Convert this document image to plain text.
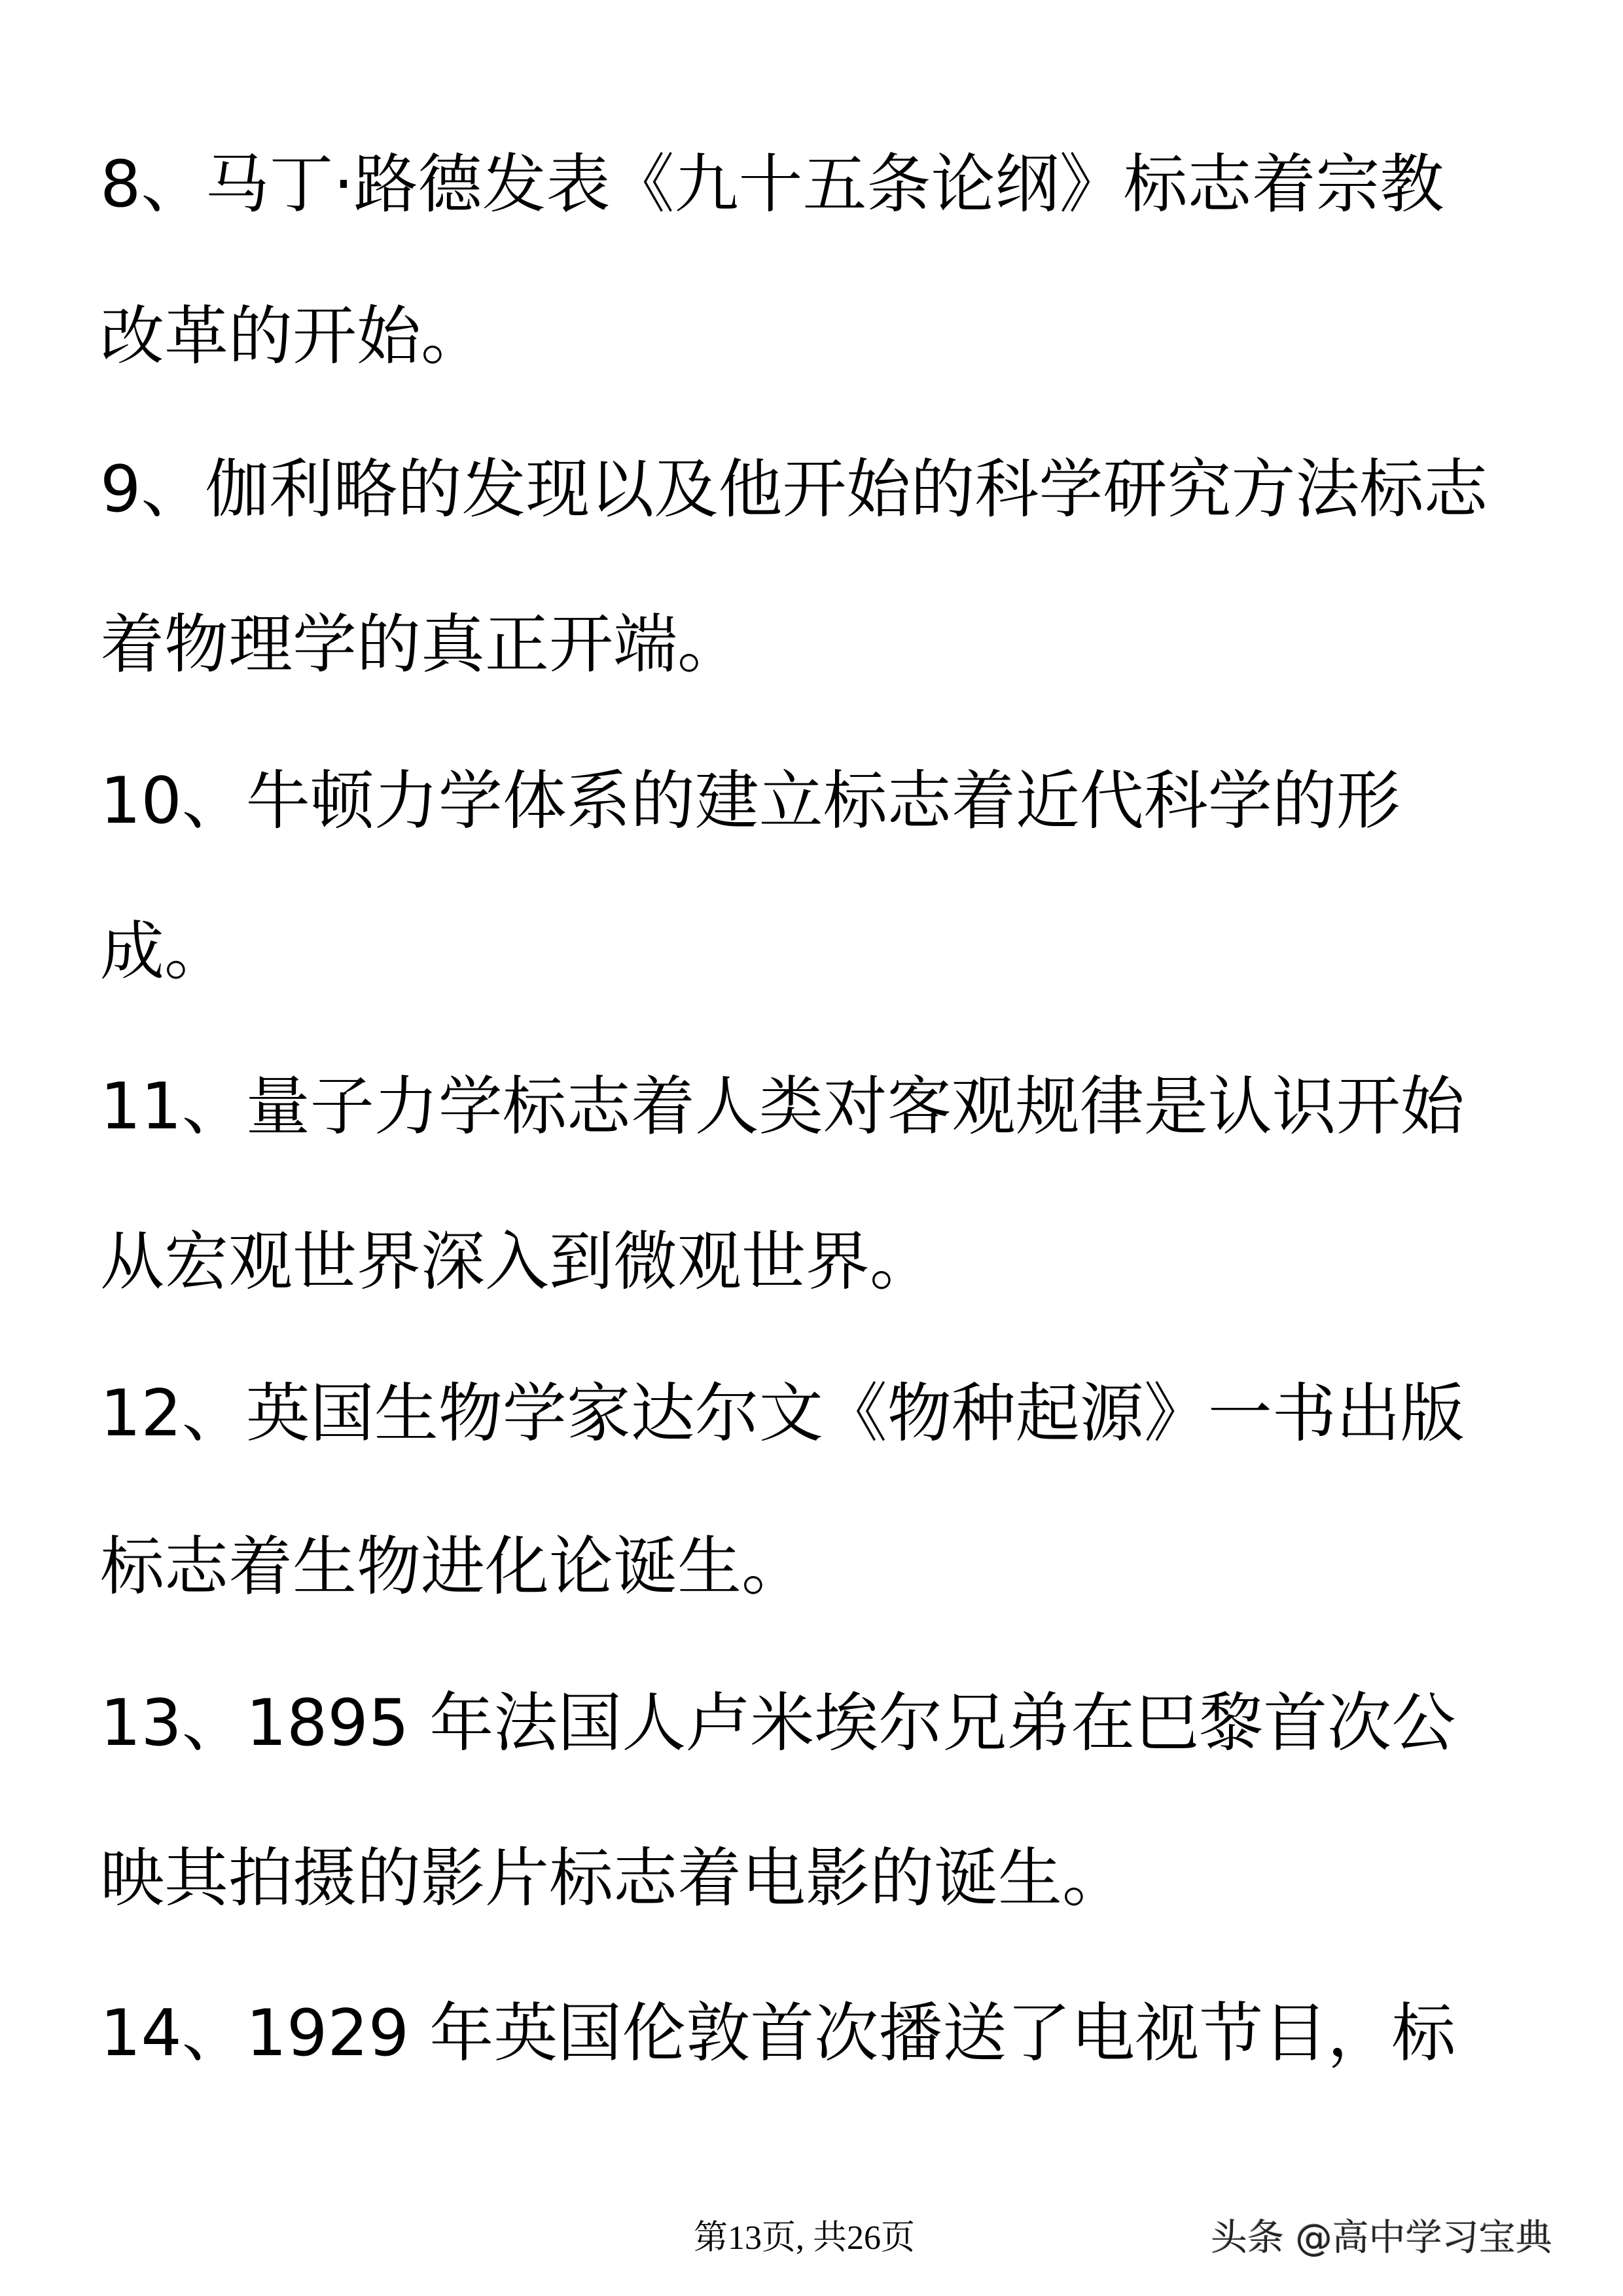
8、马丁·路德发表《九十五条论纲》标志着宗教
改革的开始。
9、伽利略的发现以及他开始的科学研究方法标志
着物理学的真正开端。
10、牛顿力学体系的建立标志着近代科学的形
成。
11、量子力学标志着人类对客观规律是认识开始
从宏观世界深入到微观世界。
12、英国生物学家达尔文《物种起源》一书出版
标志着生物进化论诞生。
13、1895 年法国人卢米埃尔兄弟在巴黎首次公
映其拍摄的影片标志着电影的诞生。
14、1929 年英国伦敦首次播送了电视节目，标
第13页, 共26页	头条 @高中学习宝典
